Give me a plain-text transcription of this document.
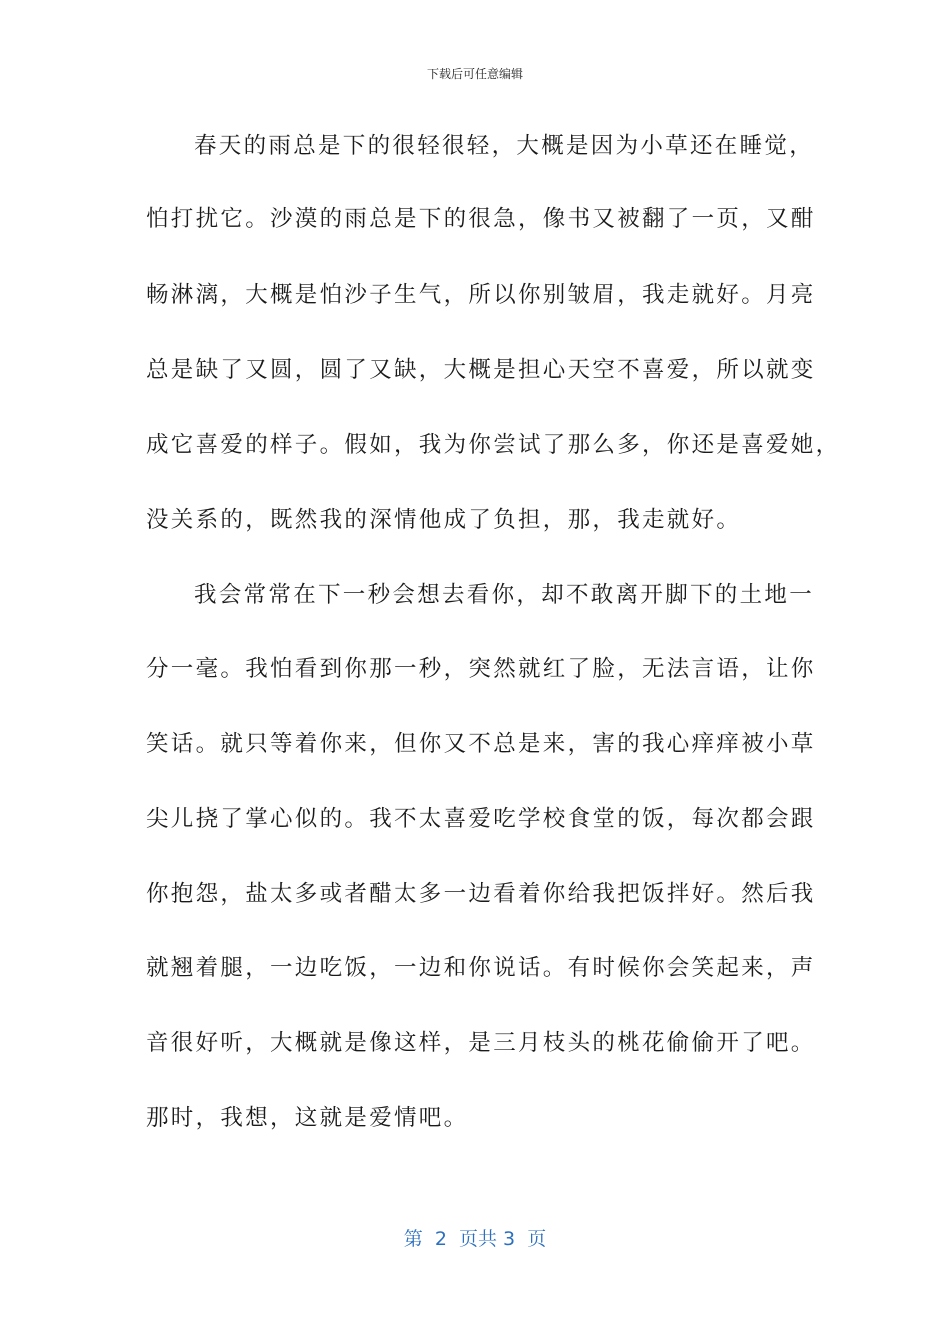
下载后可任意编辑
春天的雨总是下的很轻很轻，大概是因为小草还在睡觉，
怕打扰它。沙漠的雨总是下的很急，像书又被翻了一页，又酣
畅淋漓，大概是怕沙子生气，所以你别皱眉，我走就好。月亮
总是缺了又圆，圆了又缺，大概是担心天空不喜爱，所以就变
成它喜爱的样子。假如，我为你尝试了那么多，你还是喜爱她，
没关系的，既然我的深情他成了负担，那，我走就好。
我会常常在下一秒会想去看你，却不敢离开脚下的土地一
分一毫。我怕看到你那一秒，突然就红了脸，无法言语，让你
笑话。就只等着你来，但你又不总是来，害的我心痒痒被小草
尖儿挠了掌心似的。我不太喜爱吃学校食堂的饭，每次都会跟
你抱怨，盐太多或者醋太多一边看着你给我把饭拌好。然后我
就翘着腿，一边吃饭，一边和你说话。有时候你会笑起来，声
音很好听，大概就是像这样，是三月枝头的桃花偷偷开了吧。
那时，我想，这就是爱情吧。
第  2  页共 3  页
